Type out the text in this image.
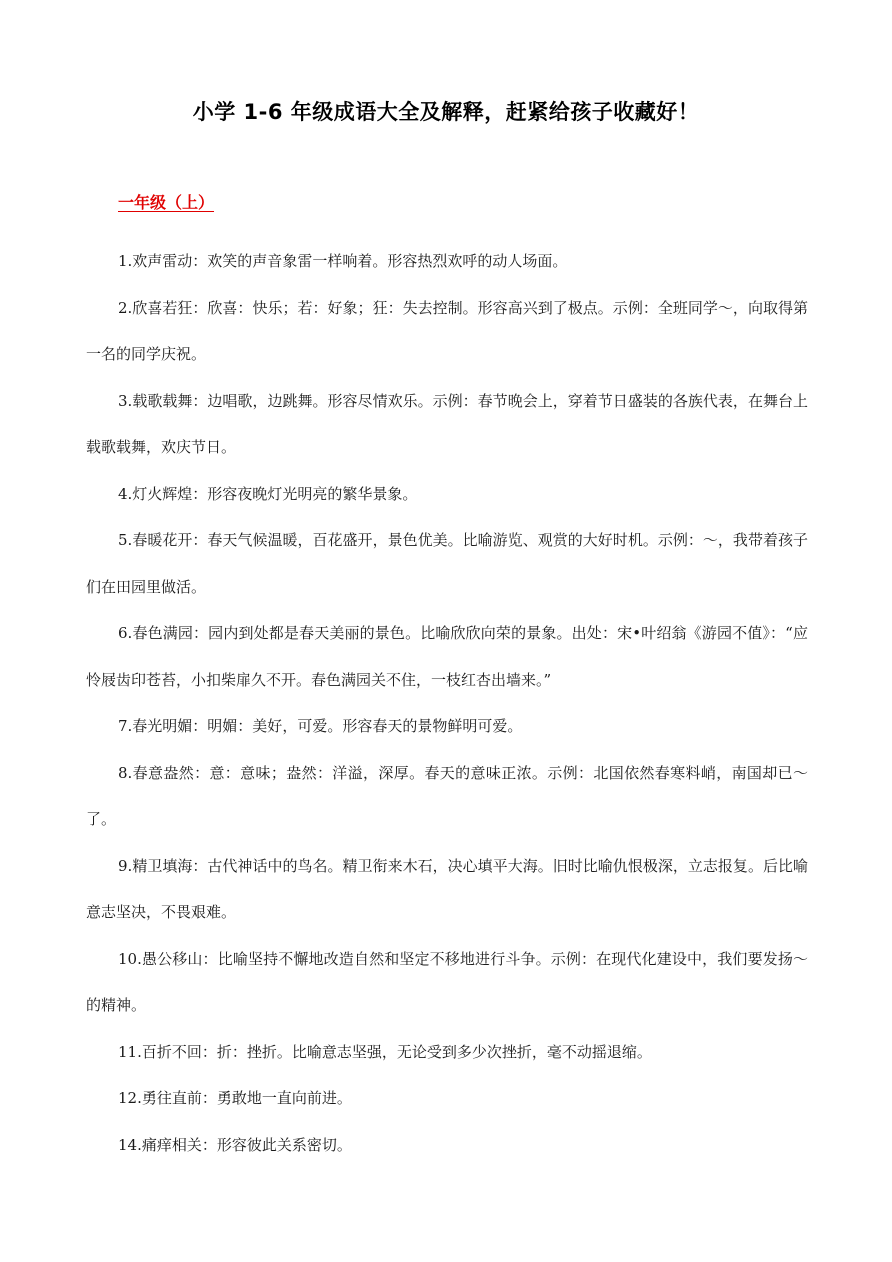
小学 1-6 年级成语大全及解释，赶紧给孩子收藏好！
一年级（上）

1.欢声雷动：欢笑的声音象雷一样响着。形容热烈欢呼的动人场面。

2.欣喜若狂：欣喜：快乐；若：好象；狂：失去控制。形容高兴到了极点。示例：全班同学～，向取得第一名的同学庆祝。

3.载歌载舞：边唱歌，边跳舞。形容尽情欢乐。示例：春节晚会上，穿着节日盛装的各族代表，在舞台上载歌载舞，欢庆节日。

4.灯火辉煌：形容夜晚灯光明亮的繁华景象。

5.春暖花开：春天气候温暖，百花盛开，景色优美。比喻游览、观赏的大好时机。示例：～，我带着孩子们在田园里做活。

6.春色满园：园内到处都是春天美丽的景色。比喻欣欣向荣的景象。出处：宋•叶绍翁《游园不值》：“应怜屐齿印苍苔，小扣柴扉久不开。春色满园关不住，一枝红杏出墙来。”

7.春光明媚：明媚：美好，可爱。形容春天的景物鲜明可爱。

8.春意盎然：意：意味；盎然：洋溢，深厚。春天的意味正浓。示例：北国依然春寒料峭，南国却已～了。

9.精卫填海：古代神话中的鸟名。精卫衔来木石，决心填平大海。旧时比喻仇恨极深，立志报复。后比喻意志坚决，不畏艰难。

10.愚公移山：比喻坚持不懈地改造自然和坚定不移地进行斗争。示例：在现代化建设中，我们要发扬～的精神。

11.百折不回：折：挫折。比喻意志坚强，无论受到多少次挫折，毫不动摇退缩。

12.勇往直前：勇敢地一直向前进。

14.痛痒相关：形容彼此关系密切。
